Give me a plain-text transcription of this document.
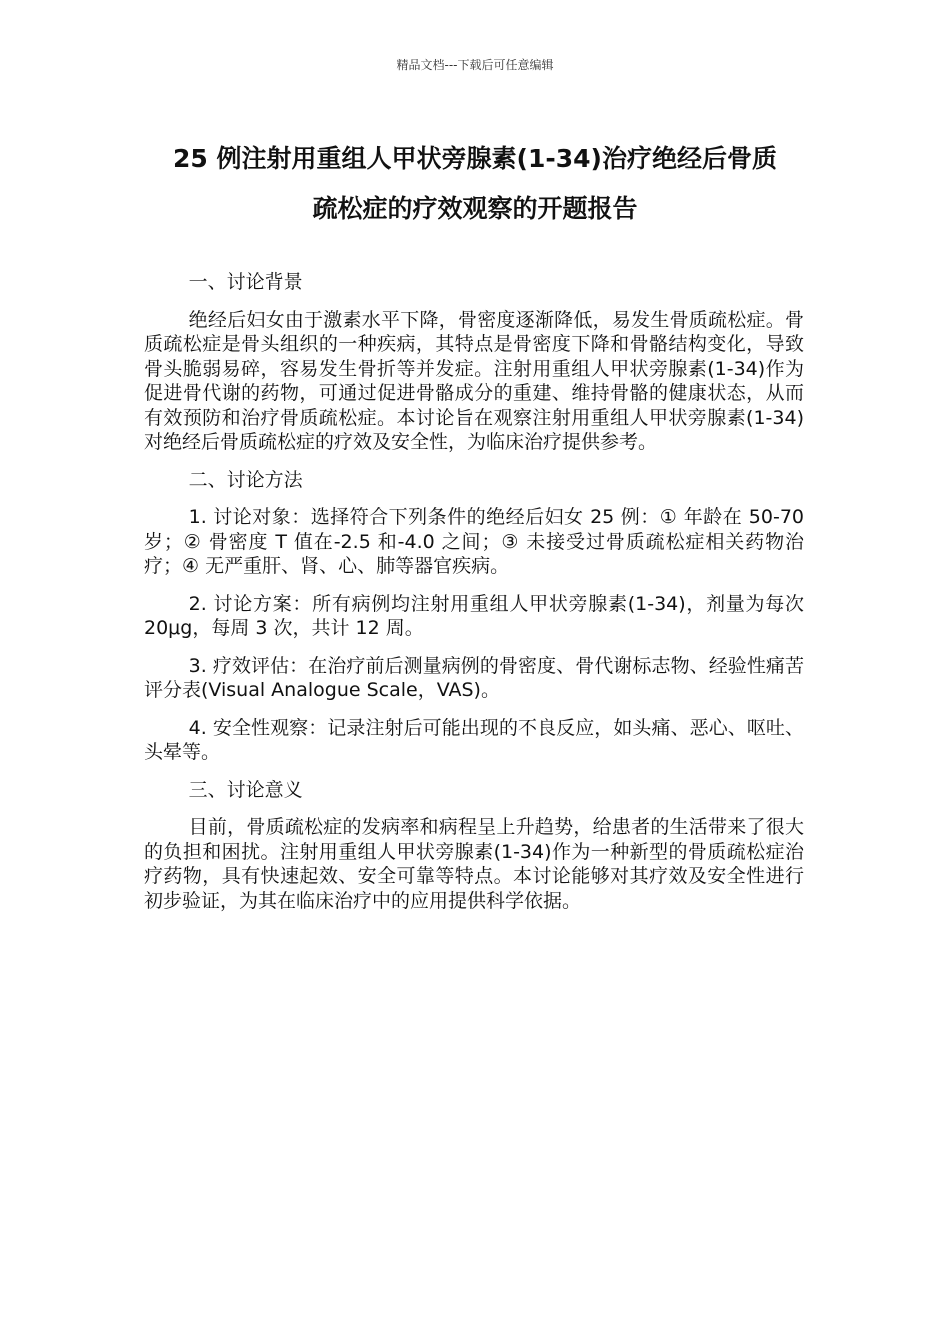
精品文档---下载后可任意编辑
25 例注射用重组人甲状旁腺素(1-34)治疗绝经后骨质
疏松症的疗效观察的开题报告

一、讨论背景

绝经后妇女由于激素水平下降，骨密度逐渐降低，易发生骨质疏松症。骨质疏松症是骨头组织的一种疾病，其特点是骨密度下降和骨骼结构变化，导致骨头脆弱易碎，容易发生骨折等并发症。注射用重组人甲状旁腺素(1-34)作为促进骨代谢的药物，可通过促进骨骼成分的重建、维持骨骼的健康状态，从而有效预防和治疗骨质疏松症。本讨论旨在观察注射用重组人甲状旁腺素(1-34)对绝经后骨质疏松症的疗效及安全性，为临床治疗提供参考。

二、讨论方法

1. 讨论对象：选择符合下列条件的绝经后妇女 25 例：① 年龄在 50-70 岁；② 骨密度 T 值在-2.5 和-4.0 之间；③ 未接受过骨质疏松症相关药物治疗；④ 无严重肝、肾、心、肺等器官疾病。

2. 讨论方案：所有病例均注射用重组人甲状旁腺素(1-34)，剂量为每次 20μg，每周 3 次，共计 12 周。

3. 疗效评估：在治疗前后测量病例的骨密度、骨代谢标志物、经验性痛苦评分表(Visual Analogue Scale，VAS)。

4. 安全性观察：记录注射后可能出现的不良反应，如头痛、恶心、呕吐、头晕等。

三、讨论意义

目前，骨质疏松症的发病率和病程呈上升趋势，给患者的生活带来了很大的负担和困扰。注射用重组人甲状旁腺素(1-34)作为一种新型的骨质疏松症治疗药物，具有快速起效、安全可靠等特点。本讨论能够对其疗效及安全性进行初步验证，为其在临床治疗中的应用提供科学依据。
